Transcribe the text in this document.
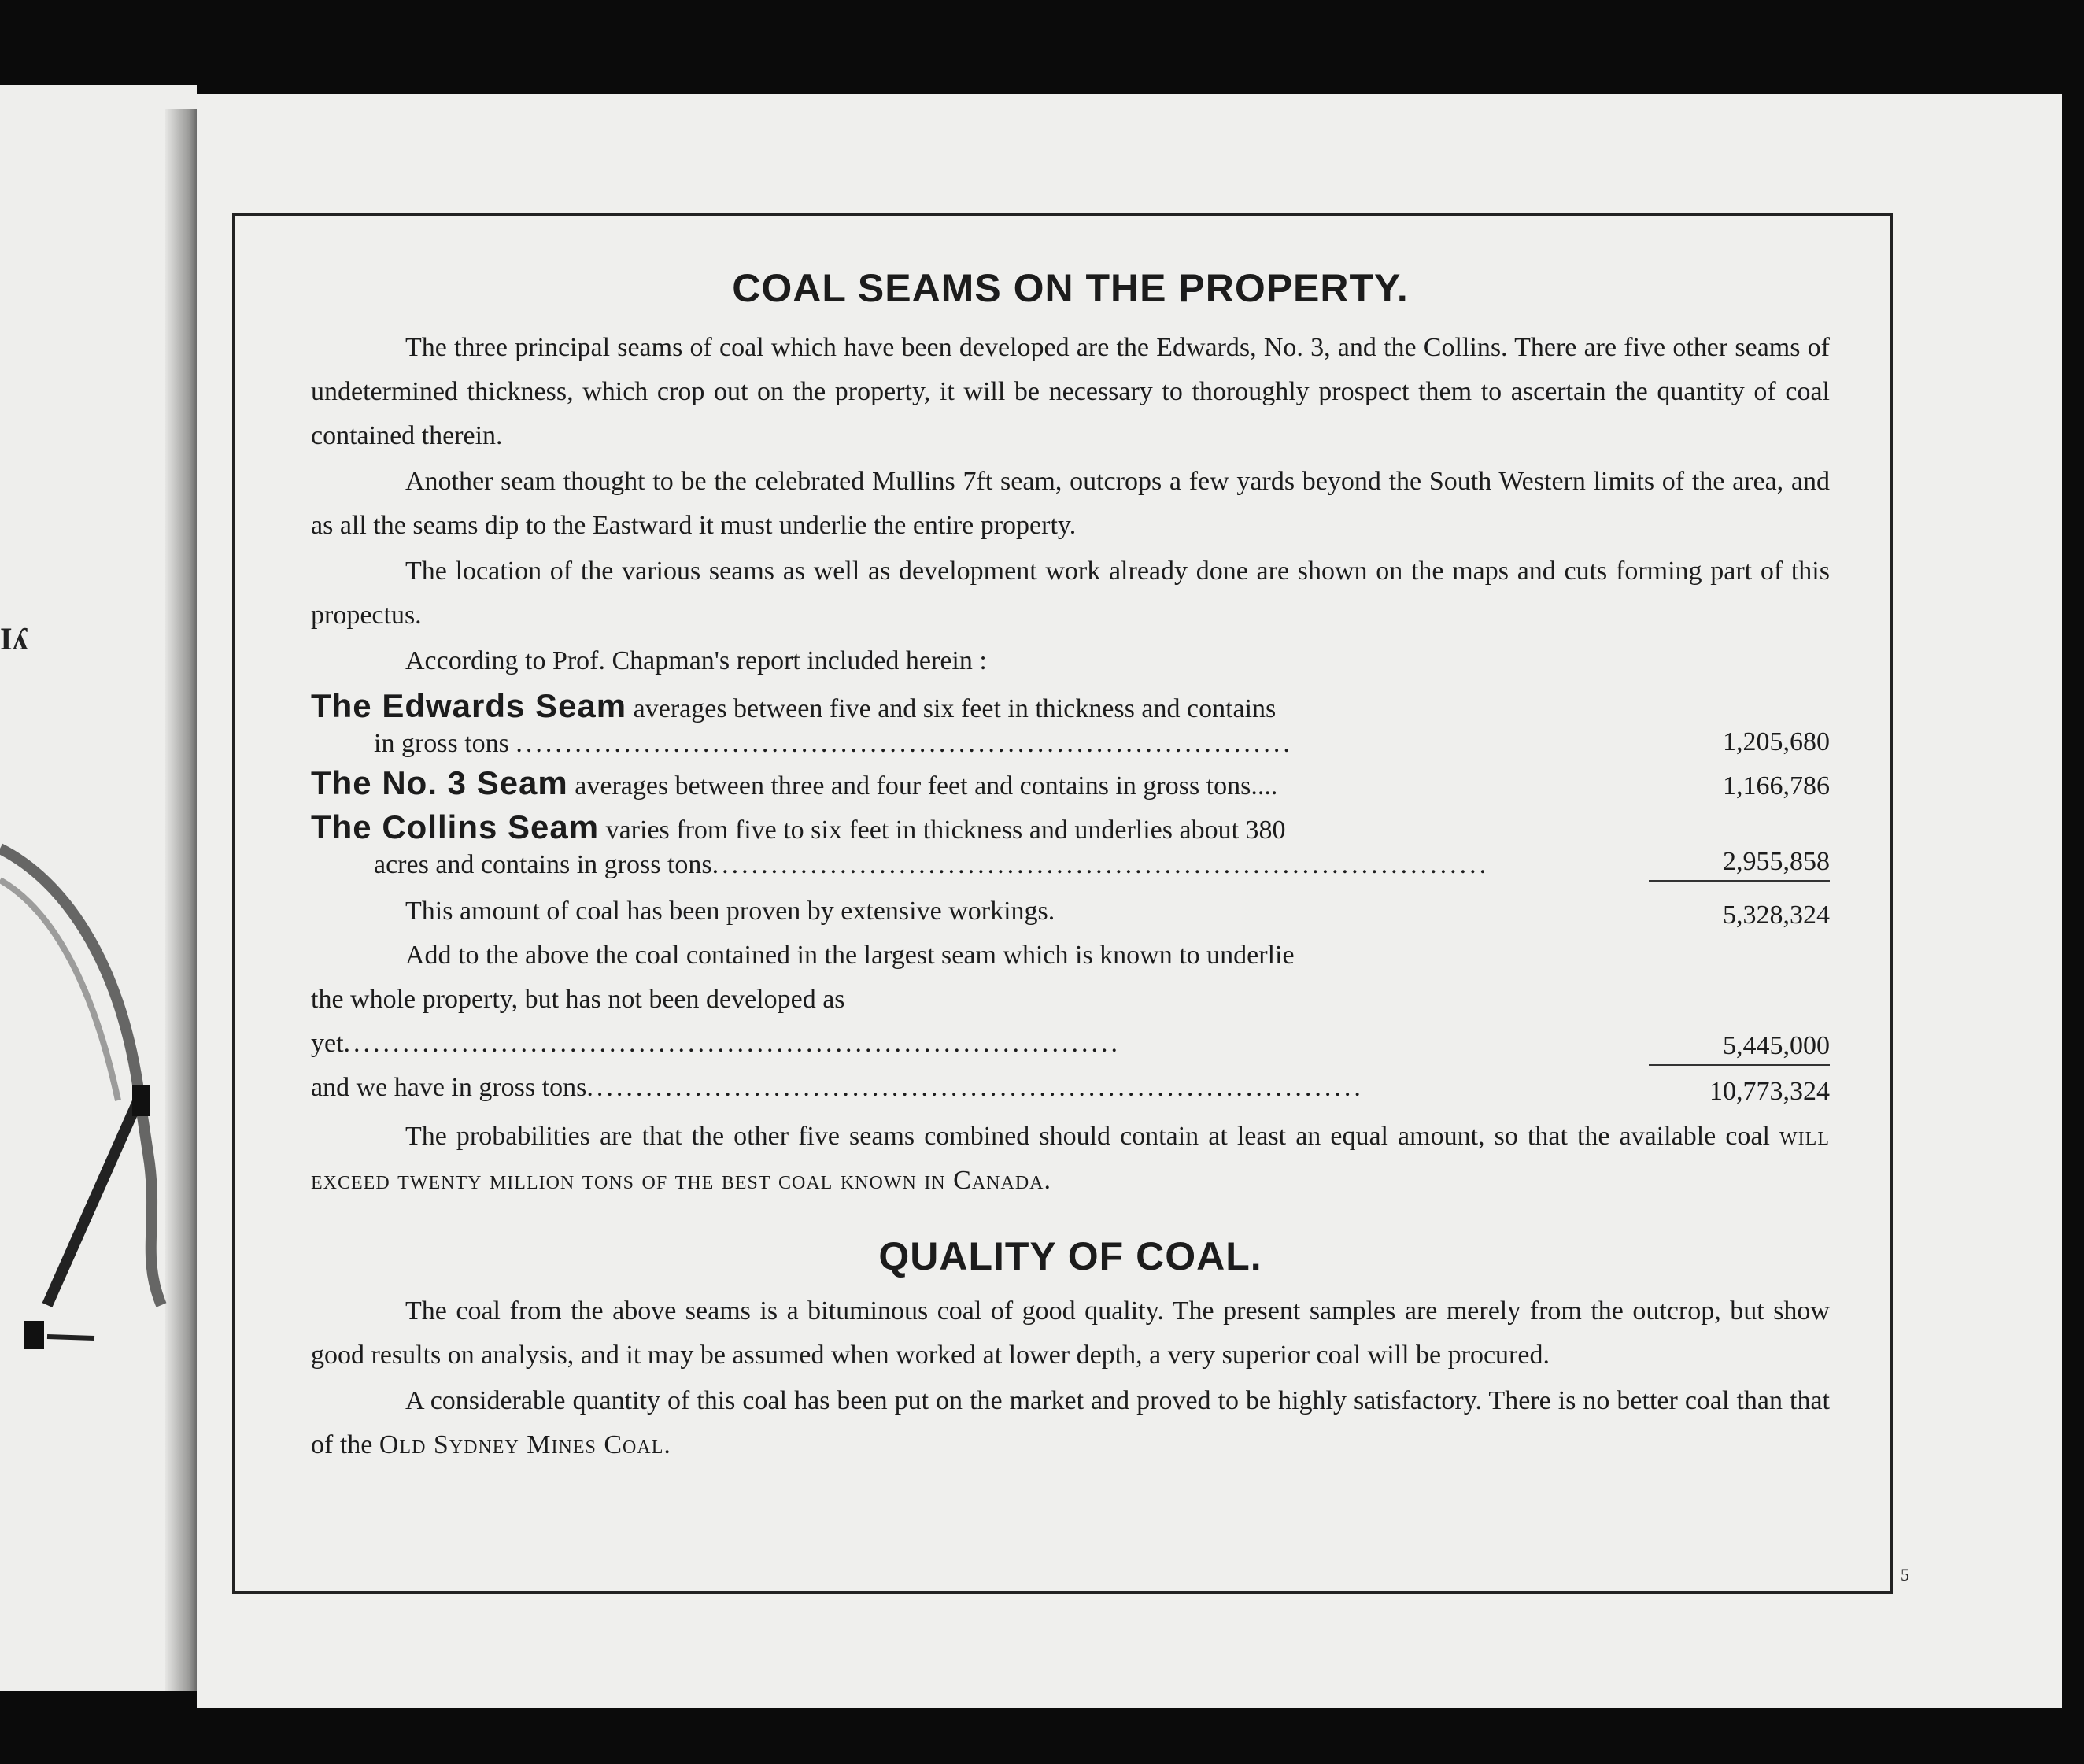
Iʎ
COAL SEAMS ON THE PROPERTY.

The three principal seams of coal which have been developed are the Edwards, No. 3, and the Collins. There are five other seams of undetermined thickness, which crop out on the property, it will be necessary to thoroughly prospect them to ascertain the quantity of coal contained therein.

Another seam thought to be the celebrated Mullins 7ft seam, outcrops a few yards beyond the South Western limits of the area, and as all the seams dip to the Eastward it must underlie the entire property.

The location of the various seams as well as development work already done are shown on the maps and cuts forming part of this propectus.

According to Prof. Chapman's report included herein :

The Edwards Seam averages between five and six feet in thickness and contains
in gross tons ...............................................................................	1,205,680
The No. 3 Seam averages between three and four feet and contains in gross tons....	1,166,786
The Collins Seam varies from five to six feet in thickness and underlies about 380
acres and contains in gross tons...............................................................................	2,955,858
This amount of coal has been proven by extensive workings.	5,328,324
Add to the above the coal contained in the largest seam which is known to underlie
the whole property, but has not been developed as yet...............................................................................	5,445,000
and we have in gross tons...............................................................................	10,773,324

The probabilities are that the other five seams combined should contain at least an equal amount, so that the available coal will exceed twenty million tons of the best coal known in Canada.

QUALITY OF COAL.

The coal from the above seams is a bituminous coal of good quality. The present samples are merely from the outcrop, but show good results on analysis, and it may be assumed when worked at lower depth, a very superior coal will be procured.

A considerable quantity of this coal has been put on the market and proved to be highly satisfactory. There is no better coal than that of the Old Sydney Mines Coal.

5
